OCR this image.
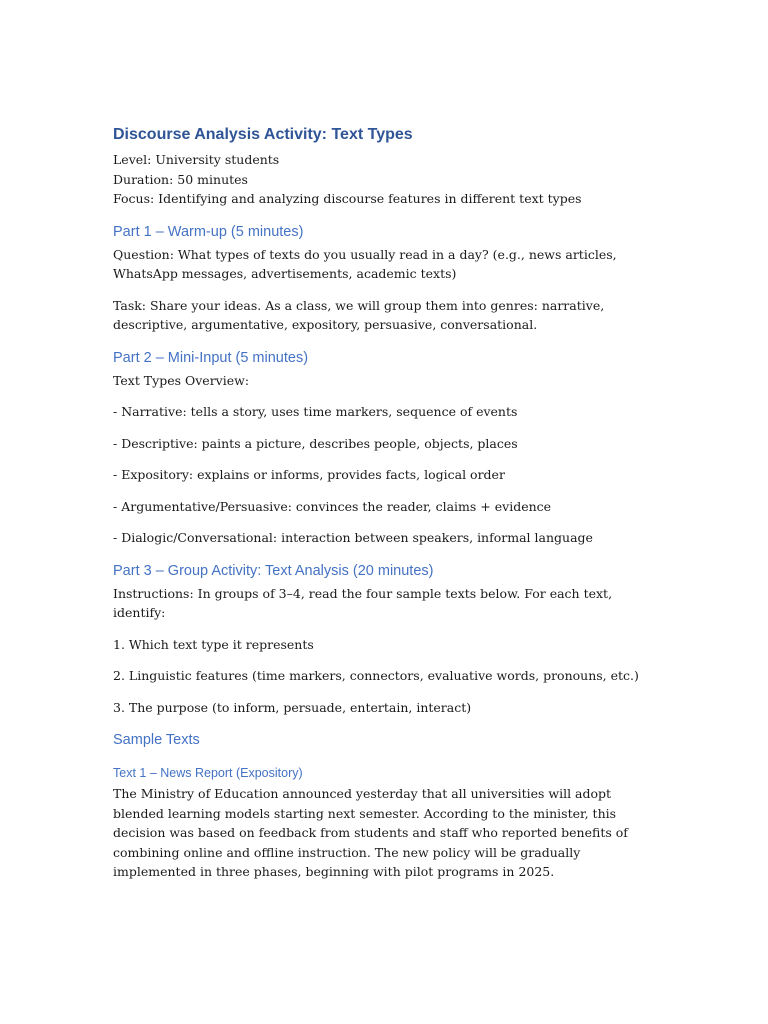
Discourse Analysis Activity: Text Types
Level: University students
Duration: 50 minutes
Focus: Identifying and analyzing discourse features in different text types
Part 1 – Warm-up (5 minutes)

Question: What types of texts do you usually read in a day? (e.g., news articles, WhatsApp messages, advertisements, academic texts)

Task: Share your ideas. As a class, we will group them into genres: narrative, descriptive, argumentative, expository, persuasive, conversational.

Part 2 – Mini-Input (5 minutes)

Text Types Overview:

- Narrative: tells a story, uses time markers, sequence of events

- Descriptive: paints a picture, describes people, objects, places

- Expository: explains or informs, provides facts, logical order

- Argumentative/Persuasive: convinces the reader, claims + evidence

- Dialogic/Conversational: interaction between speakers, informal language

Part 3 – Group Activity: Text Analysis (20 minutes)

Instructions: In groups of 3–4, read the four sample texts below. For each text, identify:

1. Which text type it represents

2. Linguistic features (time markers, connectors, evaluative words, pronouns, etc.)

3. The purpose (to inform, persuade, entertain, interact)

Sample Texts
Text 1 – News Report (Expository)

The Ministry of Education announced yesterday that all universities will adopt blended learning models starting next semester. According to the minister, this decision was based on feedback from students and staff who reported benefits of combining online and offline instruction. The new policy will be gradually implemented in three phases, beginning with pilot programs in 2025.
